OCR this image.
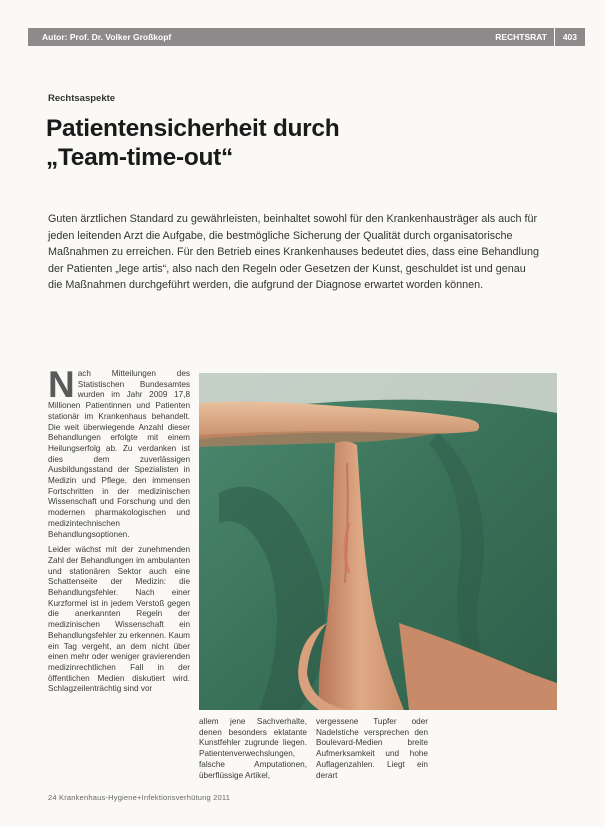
Autor: Prof. Dr. Volker Großkopf	RECHTSRAT 403
Rechtsaspekte
Patientensicherheit durch
„Team-time-out“
Guten ärztlichen Standard zu gewährleisten, beinhaltet sowohl für den Krankenhausträger als auch für jeden leitenden Arzt die Aufgabe, die bestmögliche Sicherung der Qualität durch organisatorische Maßnahmen zu erreichen. Für den Betrieb eines Krankenhauses bedeutet dies, dass eine Behandlung der Patienten „lege artis“, also nach den Regeln oder Gesetzen der Kunst, geschuldet ist und genau die Maßnahmen durchgeführt werden, die aufgrund der Diagnose erwartet worden können.

Nach Mitteilungen des Statistischen Bundesamtes wurden im Jahr 2009 17,8 Millionen Patientinnen und Patienten stationär im Krankenhaus behandelt. Die weit überwiegende Anzahl dieser Behandlungen erfolgte mit einem Heilungserfolg ab. Zu verdanken ist dies dem zuverlässigen Ausbildungsstand der Spezialisten in Medizin und Pflege, den immensen Fortschritten in der medizinischen Wissenschaft und Forschung und den modernen pharmakologischen und medizintechnischen Behandlungsoptionen.

Leider wächst mit der zunehmenden Zahl der Behandlungen im ambulanten und stationären Sektor auch eine Schattenseite der Medizin: die Behandlungsfehler. Nach einer Kurzformel ist in jedem Verstoß gegen die anerkannten Regeln der medizinischen Wissenschaft ein Behandlungsfehler zu erkennen. Kaum ein Tag vergeht, an dem nicht über einen mehr oder weniger gravierenden medizinrechtlichen Fall in der öffentlichen Medien diskutiert wird. Schlagzeilenträchtig sind vor

allem jene Sachverhalte, denen besonders eklatante Kunstfehler zugrunde liegen. Patientenverwechslungen, falsche Amputationen, überflüssige Artikel,
vergessene Tupfer oder Nadelstiche versprechen den Boulevard-Medien breite Aufmerksamkeit und hohe Auflagenzahlen. Liegt ein derart
24 Krankenhaus-Hygiene+Infektionsverhütung 2011
